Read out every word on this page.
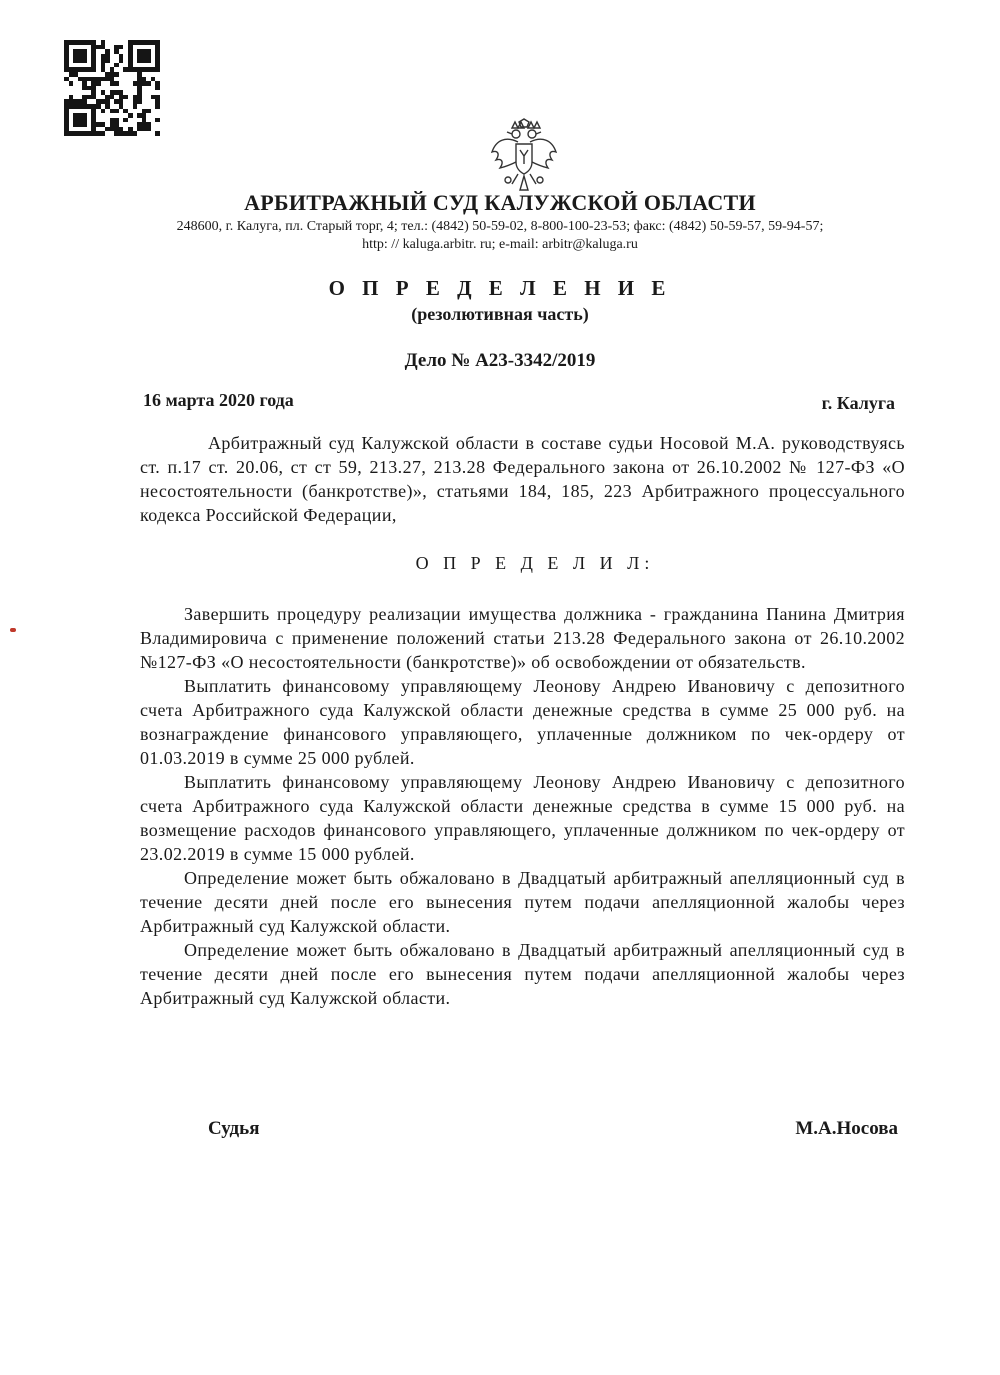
АРБИТРАЖНЫЙ СУД КАЛУЖСКОЙ ОБЛАСТИ
248600, г. Калуга, пл. Старый торг, 4; тел.: (4842) 50-59-02, 8-800-100-23-53; факс: (4842) 50-59-57, 59-94-57;
http: // kaluga.arbitr. ru; e-mail: arbitr@kaluga.ru
О П Р Е Д Е Л Е Н И Е
(резолютивная часть)
Дело № А23-3342/2019
16 марта 2020 года	г. Калуга

Арбитражный суд Калужской области в составе судьи Носовой М.А. руководствуясь ст. п.17 ст. 20.06, ст ст 59, 213.27, 213.28 Федерального закона от 26.10.2002 № 127-ФЗ «О несостоятельности (банкротстве)», статьями 184, 185, 223 Арбитражного процессуального кодекса Российской Федерации,

О П Р Е Д Е Л И Л:

Завершить процедуру реализации имущества должника - гражданина Панина Дмитрия Владимировича с применение положений статьи 213.28 Федерального закона от 26.10.2002 №127-ФЗ «О несостоятельности (банкротстве)» об освобождении от обязательств.

Выплатить финансовому управляющему Леонову Андрею Ивановичу с депозитного счета Арбитражного суда Калужской области денежные средства в сумме 25 000 руб. на вознаграждение финансового управляющего, уплаченные должником по чек-ордеру от 01.03.2019 в сумме 25 000 рублей.

Выплатить финансовому управляющему Леонову Андрею Ивановичу с депозитного счета Арбитражного суда Калужской области денежные средства в сумме 15 000 руб. на возмещение расходов финансового управляющего, уплаченные должником по чек-ордеру от 23.02.2019 в сумме 15 000 рублей.

Определение может быть обжаловано в Двадцатый арбитражный апелляционный суд в течение десяти дней после его вынесения путем подачи апелляционной жалобы через Арбитражный суд Калужской области.

Определение может быть обжаловано в Двадцатый арбитражный апелляционный суд в течение десяти дней после его вынесения путем подачи апелляционной жалобы через Арбитражный суд Калужской области.

Судья	М.А.Носова
